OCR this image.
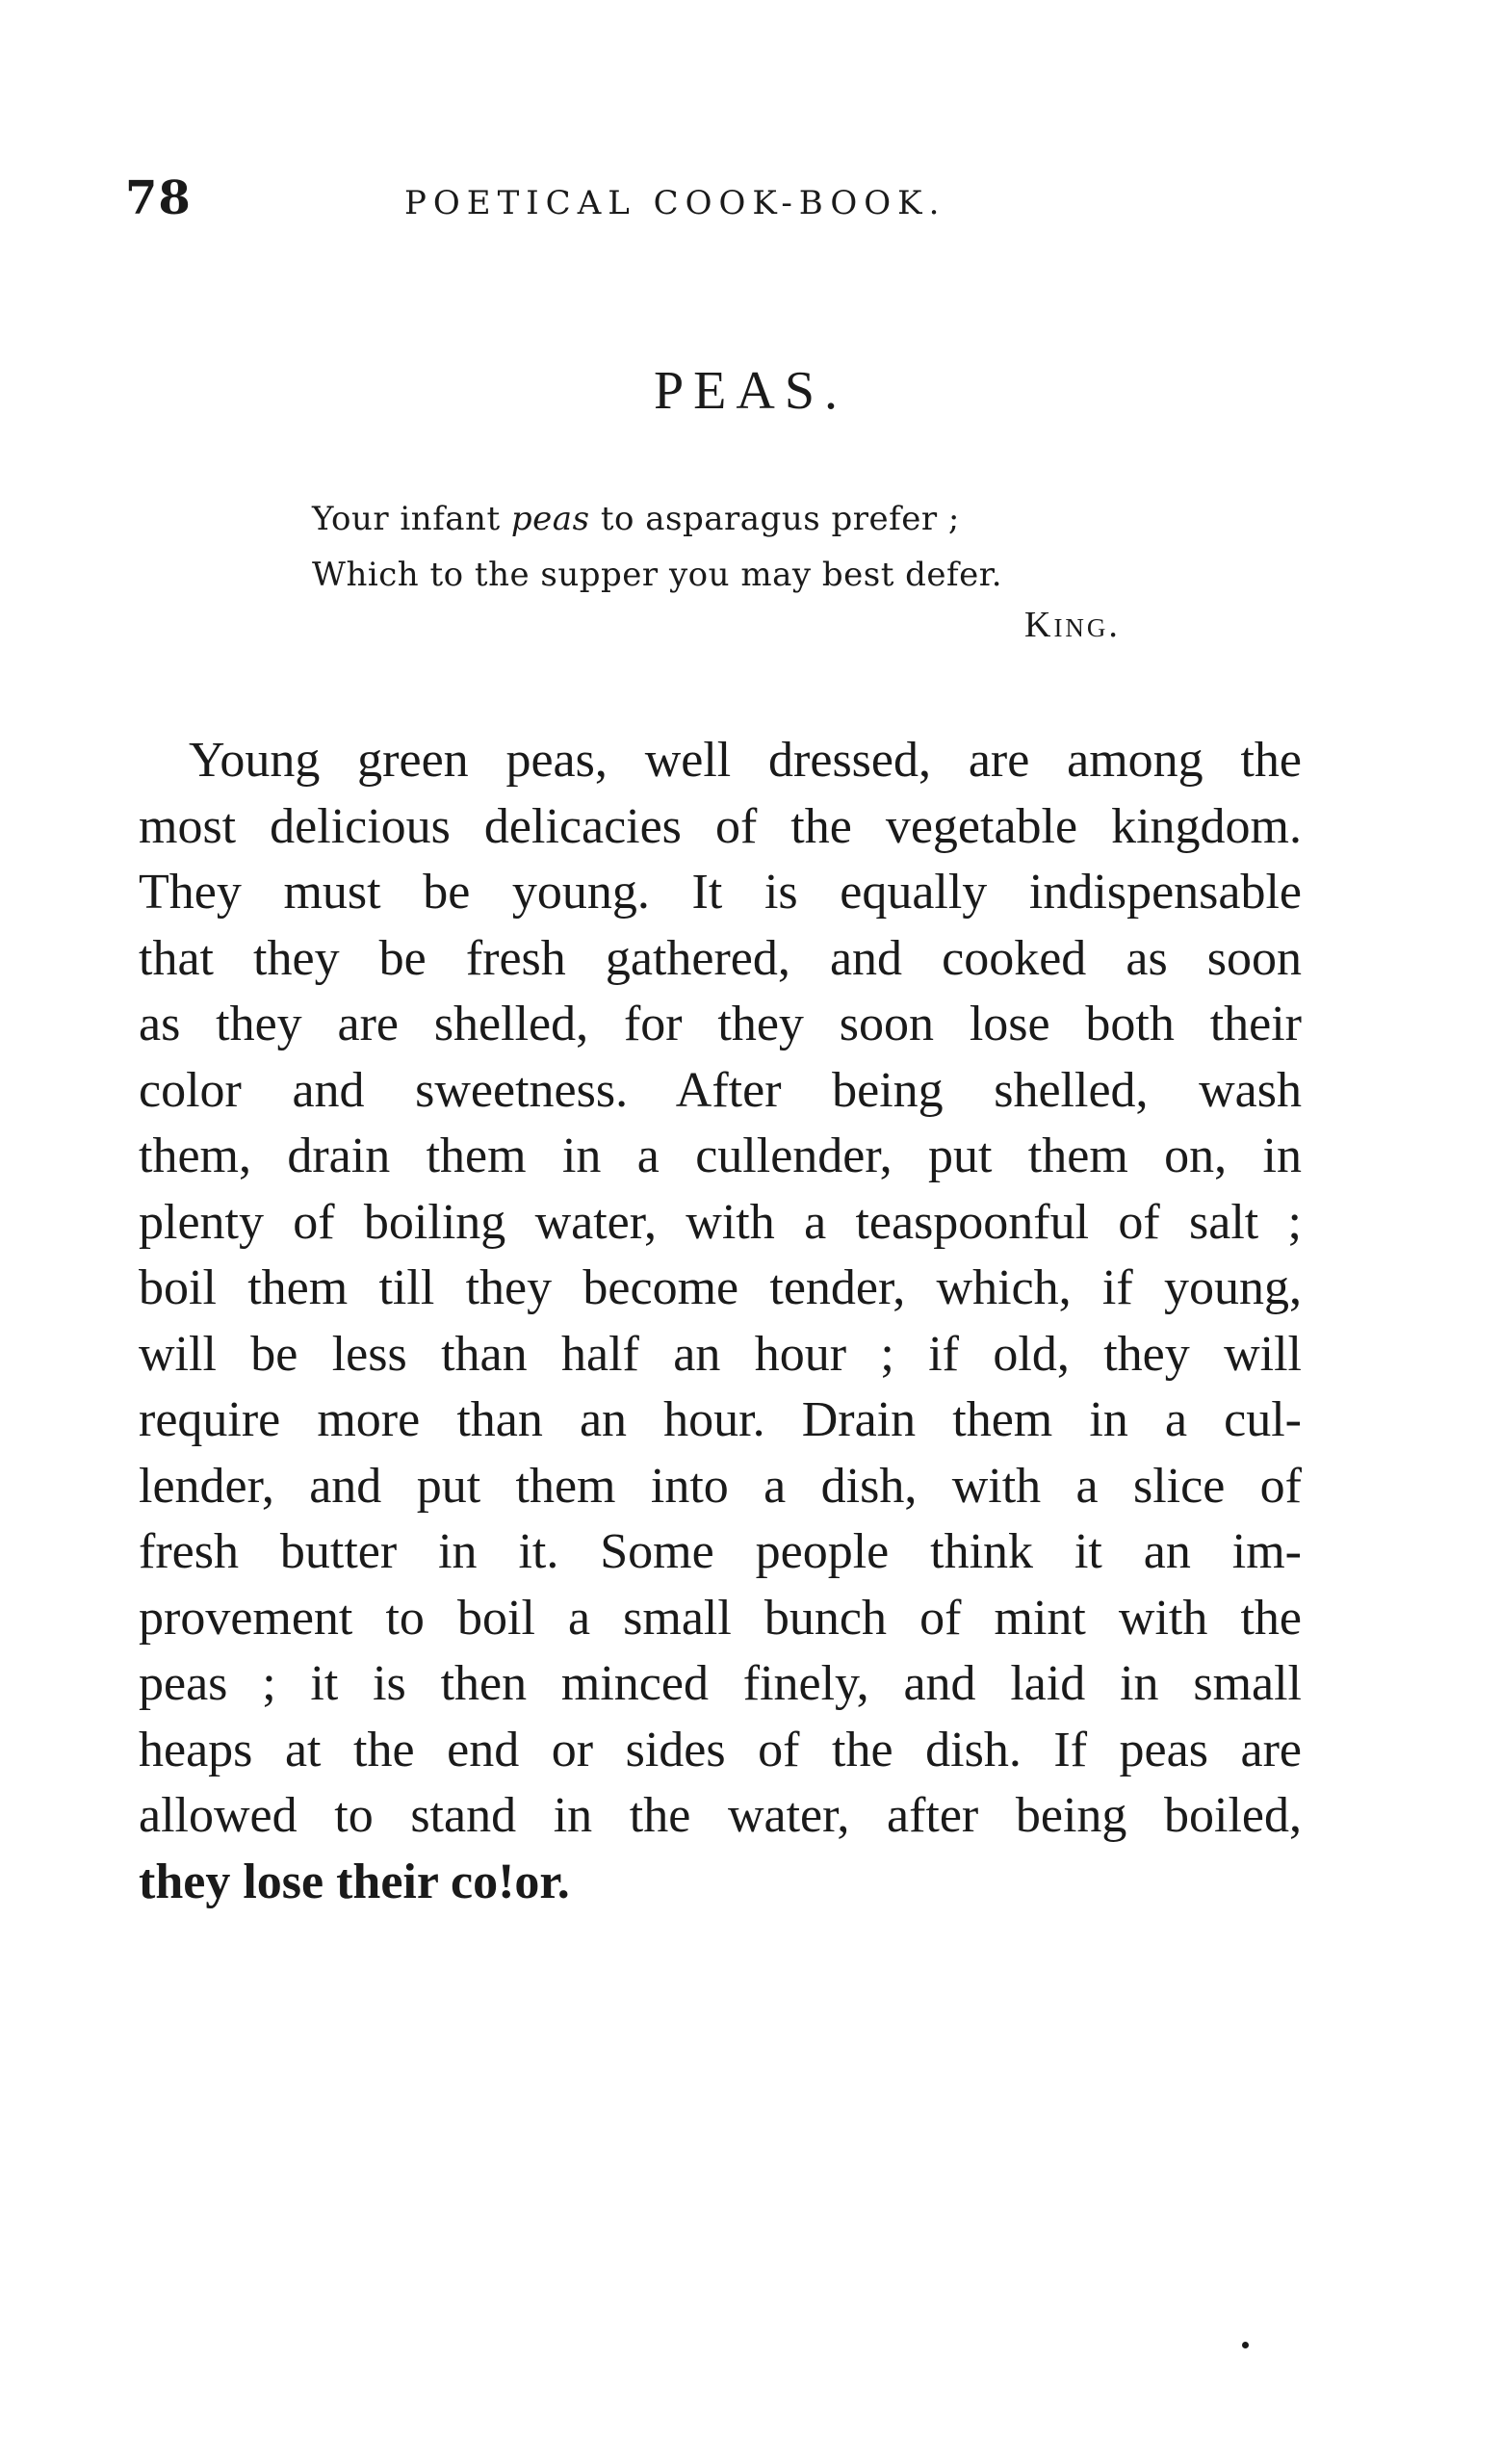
78	POETICAL COOK-BOOK.
PEAS.
Your infant peas to asparagus prefer ;
Which to the supper you may best defer.
King.
Young green peas, well dressed, are among the
most delicious delicacies of the vegetable kingdom.
They must be young. It is equally indispensable
that they be fresh gathered, and cooked as soon
as they are shelled, for they soon lose both their
color and sweetness. After being shelled, wash
them, drain them in a cullender, put them on, in
plenty of boiling water, with a teaspoonful of salt ;
boil them till they become tender, which, if young,
will be less than half an hour ; if old, they will
require more than an hour. Drain them in a cul-
lender, and put them into a dish, with a slice of
fresh butter in it. Some people think it an im-
provement to boil a small bunch of mint with the
peas ; it is then minced finely, and laid in small
heaps at the end or sides of the dish. If peas are
allowed to stand in the water, after being boiled,
they lose their co!or.
